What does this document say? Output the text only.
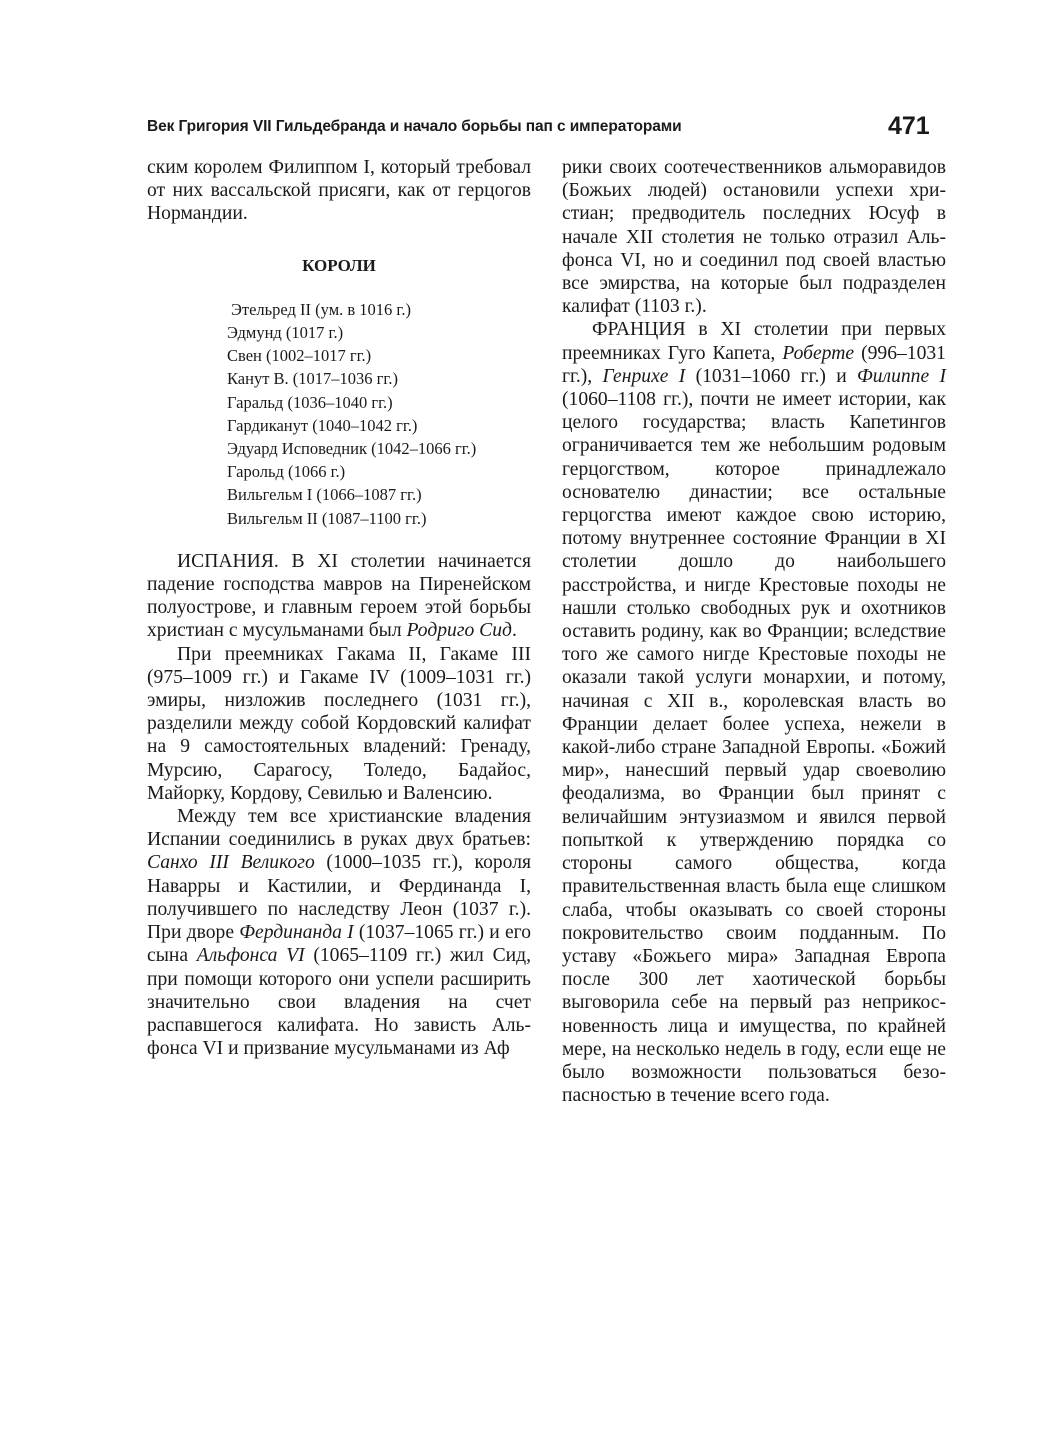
Век Григория VII Гильдебранда и начало борьбы пап с императорами	471

ским королем Филиппом I, который требовал от них вассальской присяги, как от герцогов Нормандии.

КОРОЛИ
Этельред II (ум. в 1016 г.)
Эдмунд (1017 г.)
Свен (1002–1017 гг.)
Канут В. (1017–1036 гг.)
Гаральд (1036–1040 гг.)
Гардиканут (1040–1042 гг.)
Эдуард Исповедник (1042–1066 гг.)
Гарольд (1066 г.)
Вильгельм I (1066–1087 гг.)
Вильгельм II (1087–1100 гг.)

ИСПАНИЯ. В XI столетии начинается падение господства мавров на Пиренейском полуострове, и главным героем этой борьбы христиан с мусульманами был Родриго Сид.

При преемниках Гакама II, Гакаме III (975–1009 гг.) и Гакаме IV (1009–1031 гг.) эмиры, низложив последнего (1031 гг.), разделили между собой Кордовский калифат на 9 самостоятельных владений: Гренаду, Мурсию, Сарагосу, Толедо, Бадайос, Майорку, Кордову, Севилью и Валенсию.

Между тем все христианские владения Испании соединились в руках двух братьев: Санхо III Великого (1000–1035 гг.), короля Наварры и Кастилии, и Фердинанда I, получившего по наследству Леон (1037 г.). При дворе Фердинанда I (1037–1065 гг.) и его сына Альфонса VI (1065–1109 гг.) жил Сид, при помощи которого они успели расширить значительно свои владения на счет распавшегося калифата. Но зависть Альфонса VI и призвание мусульманами из Аф

рики своих соотечественников альморавидов (Божьих людей) остановили успехи христиан; предводитель последних Юсуф в начале XII столетия не только отразил Альфонса VI, но и соединил под своей властью все эмирства, на которые был подразделен калифат (1103 г.).

ФРАНЦИЯ в XI столетии при первых преемниках Гуго Капета, Роберте (996–1031 гг.), Генрихе I (1031–1060 гг.) и Филиппе I (1060–1108 гг.), почти не имеет истории, как целого государства; власть Капетингов ограничивается тем же небольшим родовым герцогством, которое принадлежало основателю династии; все остальные герцогства имеют каждое свою историю, потому внутреннее состояние Франции в XI столетии дошло до наибольшего расстройства, и нигде Крестовые походы не нашли столько свободных рук и охотников оставить родину, как во Франции; вследствие того же самого нигде Крестовые походы не оказали такой услуги монархии, и потому, начиная с XII в., королевская власть во Франции делает более успеха, нежели в какой-либо стране Западной Европы. «Божий мир», нанесший первый удар своеволию феодализма, во Франции был принят с величайшим энтузиазмом и явился первой попыткой к утверждению порядка со стороны самого общества, когда правительственная власть была еще слишком слаба, чтобы оказывать со своей стороны покровительство своим подданным. По уставу «Божьего мира» Западная Европа после 300 лет хаотической борьбы выговорила себе на первый раз неприкосновенность лица и имущества, по крайней мере, на несколько недель в году, если еще не было возможности пользоваться безопасностью в течение всего года.
